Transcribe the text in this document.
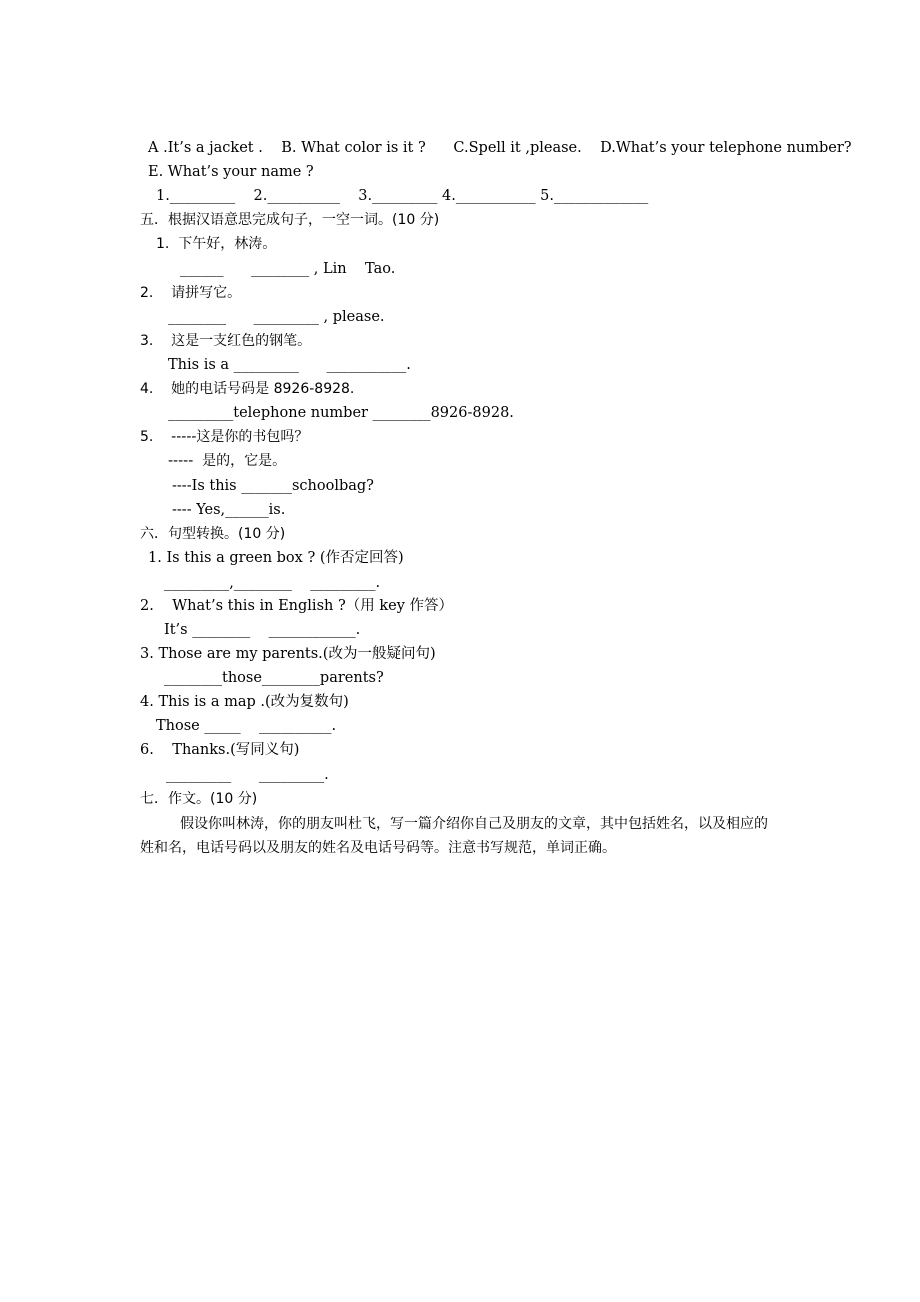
A .It’s a jacket .    B. What color is it ?      C.Spell it ,please.    D.What’s your telephone number?
E. What’s your name ?
1._________    2.__________    3._________ 4.___________ 5._____________
五．根据汉语意思完成句子，一空一词。(10 分)
1.  下午好，林涛。
______      ________ , Lin    Tao.
2.    请拼写它。
________      _________ , please.
3.    这是一支红色的钢笔。
This is a _________      ___________.
4.    她的电话号码是 8926-8928.
_________telephone number ________8926-8928.
5.    -----这是你的书包吗？
-----  是的，它是。
----Is this _______schoolbag?
---- Yes,______is.
六．句型转换。(10 分)
1. Is this a green box ? (作否定回答)
_________,________    _________.
2.    What’s this in English ?（用 key 作答）
It’s ________    ____________.
3. Those are my parents.(改为一般疑问句)
________those________parents?
4. This is a map .(改为复数句)
Those _____    __________.
6.    Thanks.(写同义句)
_________      _________.
七．作文。(10 分)
假设你叫林涛，你的朋友叫杜飞，写一篇介绍你自己及朋友的文章，其中包括姓名，以及相应的姓和名，电话号码以及朋友的姓名及电话号码等。注意书写规范，单词正确。
